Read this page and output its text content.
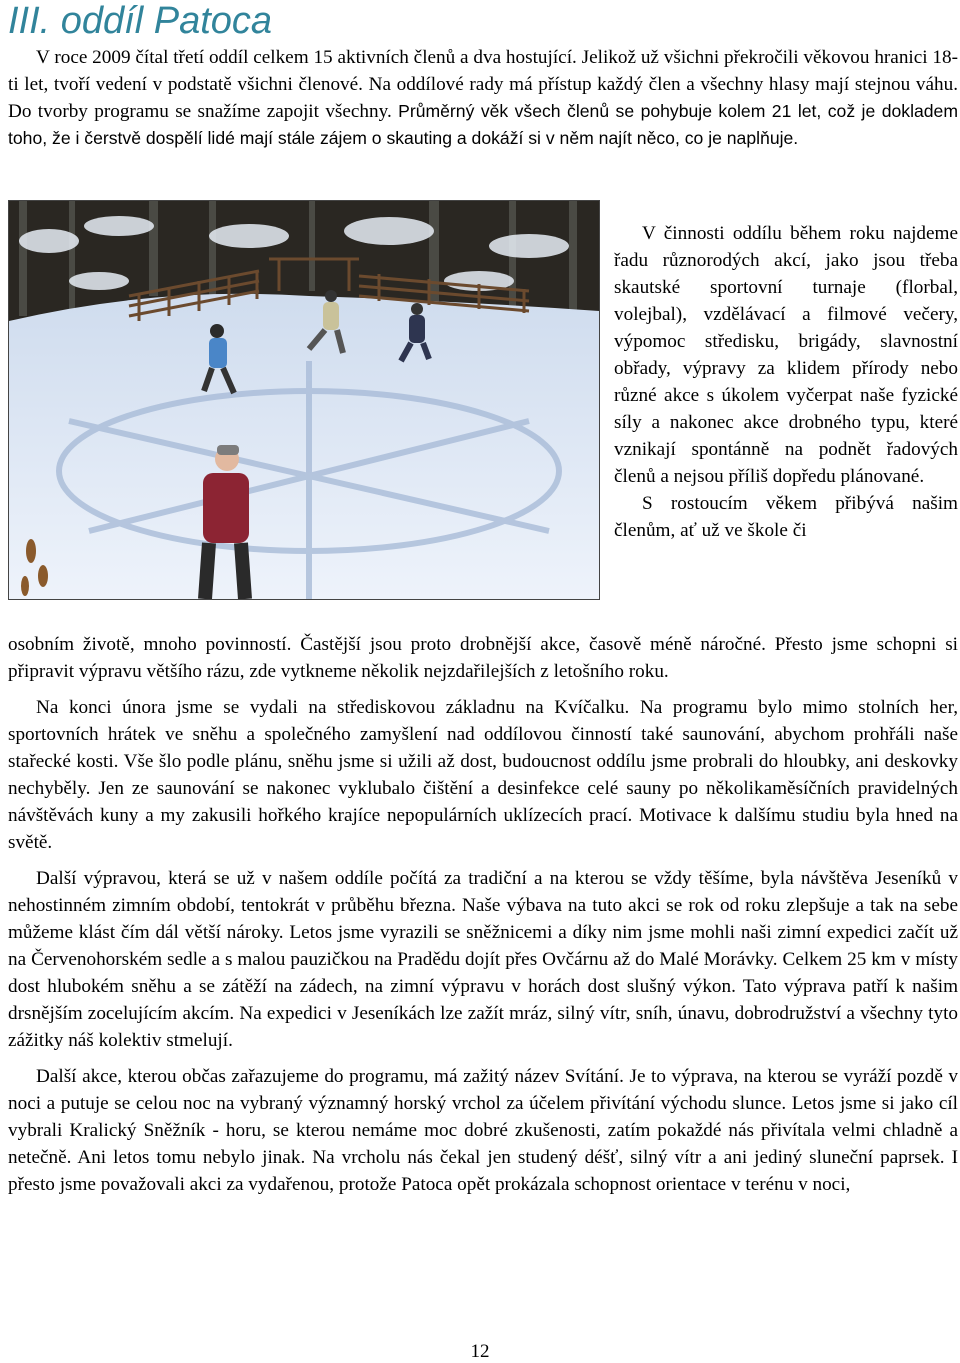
III. oddíl Patoca

V roce 2009 čítal třetí oddíl celkem 15 aktivních členů a dva hostující. Jelikož už všichni překročili věkovou hranici 18-ti let, tvoří vedení v podstatě všichni členové. Na oddílové rady má přístup každý člen a všechny hlasy mají stejnou váhu. Do tvorby programu se snažíme zapojit všechny. Průměrný věk všech členů se pohybuje kolem 21 let, což je dokladem toho, že i čerstvě dospělí lidé mají stále zájem o skauting a dokáží si v něm najít něco, co je naplňuje.

V činnosti oddílu během roku najdeme řadu různorodých akcí, jako jsou třeba skautské sportovní turnaje (florbal, volejbal), vzdělávací a filmové večery, výpomoc středisku, brigády, slavnostní obřady, výpravy za klidem přírody nebo různé akce s úkolem vyčerpat naše fyzické síly a nakonec akce drobného typu, které vznikají spontánně na podnět řadových členů a nejsou příliš dopředu plánované.

S rostoucím věkem přibývá našim členům, ať už ve škole či

osobním životě, mnoho povinností. Častější jsou proto drobnější akce, časově méně náročné. Přesto jsme schopni si připravit výpravu většího rázu, zde vytkneme několik nejzdařilejších z letošního roku.

Na konci února jsme se vydali na střediskovou základnu na Kvíčalku. Na programu bylo mimo stolních her, sportovních hrátek ve sněhu a společného zamyšlení nad oddílovou činností také saunování, abychom prohřáli naše stařecké kosti. Vše šlo podle plánu, sněhu jsme si užili až dost, budoucnost oddílu jsme probrali do hloubky, ani deskovky nechyběly. Jen ze saunování se nakonec vyklubalo čištění a desinfekce celé sauny po několikaměsíčních pravidelných návštěvách kuny a my zakusili hořkého krajíce nepopulárních uklízecích prací. Motivace k dalšímu studiu byla hned na světě.

Další výpravou, která se už v našem oddíle počítá za tradiční a na kterou se vždy těšíme, byla návštěva Jeseníků v nehostinném zimním období, tentokrát v průběhu března. Naše výbava na tuto akci se rok od roku zlepšuje a tak na sebe můžeme klást čím dál větší nároky. Letos jsme vyrazili se sněžnicemi a díky nim jsme mohli naši zimní expedici začít už na Červenohorském sedle a s malou pauzičkou na Pradědu dojít přes Ovčárnu až do Malé Morávky. Celkem 25 km v místy dost hlubokém sněhu a se zátěží na zádech, na zimní výpravu v horách dost slušný výkon. Tato výprava patří k našim drsnějším zocelujícím akcím. Na expedici v Jeseníkách lze zažít mráz, silný vítr, sníh, únavu, dobrodružství a všechny tyto zážitky náš kolektiv stmelují.

Další akce, kterou občas zařazujeme do programu, má zažitý název Svítání. Je to výprava, na kterou se vyráží pozdě v noci a putuje se celou noc na vybraný významný horský vrchol za účelem přivítání východu slunce. Letos jsme si jako cíl vybrali Kralický Sněžník - horu, se kterou nemáme moc dobré zkušenosti, zatím pokaždé nás přivítala velmi chladně a netečně. Ani letos tomu nebylo jinak. Na vrcholu nás čekal jen studený déšť, silný vítr a ani jediný sluneční paprsek. I přesto jsme považovali akci za vydařenou, protože Patoca opět prokázala schopnost orientace v terénu v noci,

12
